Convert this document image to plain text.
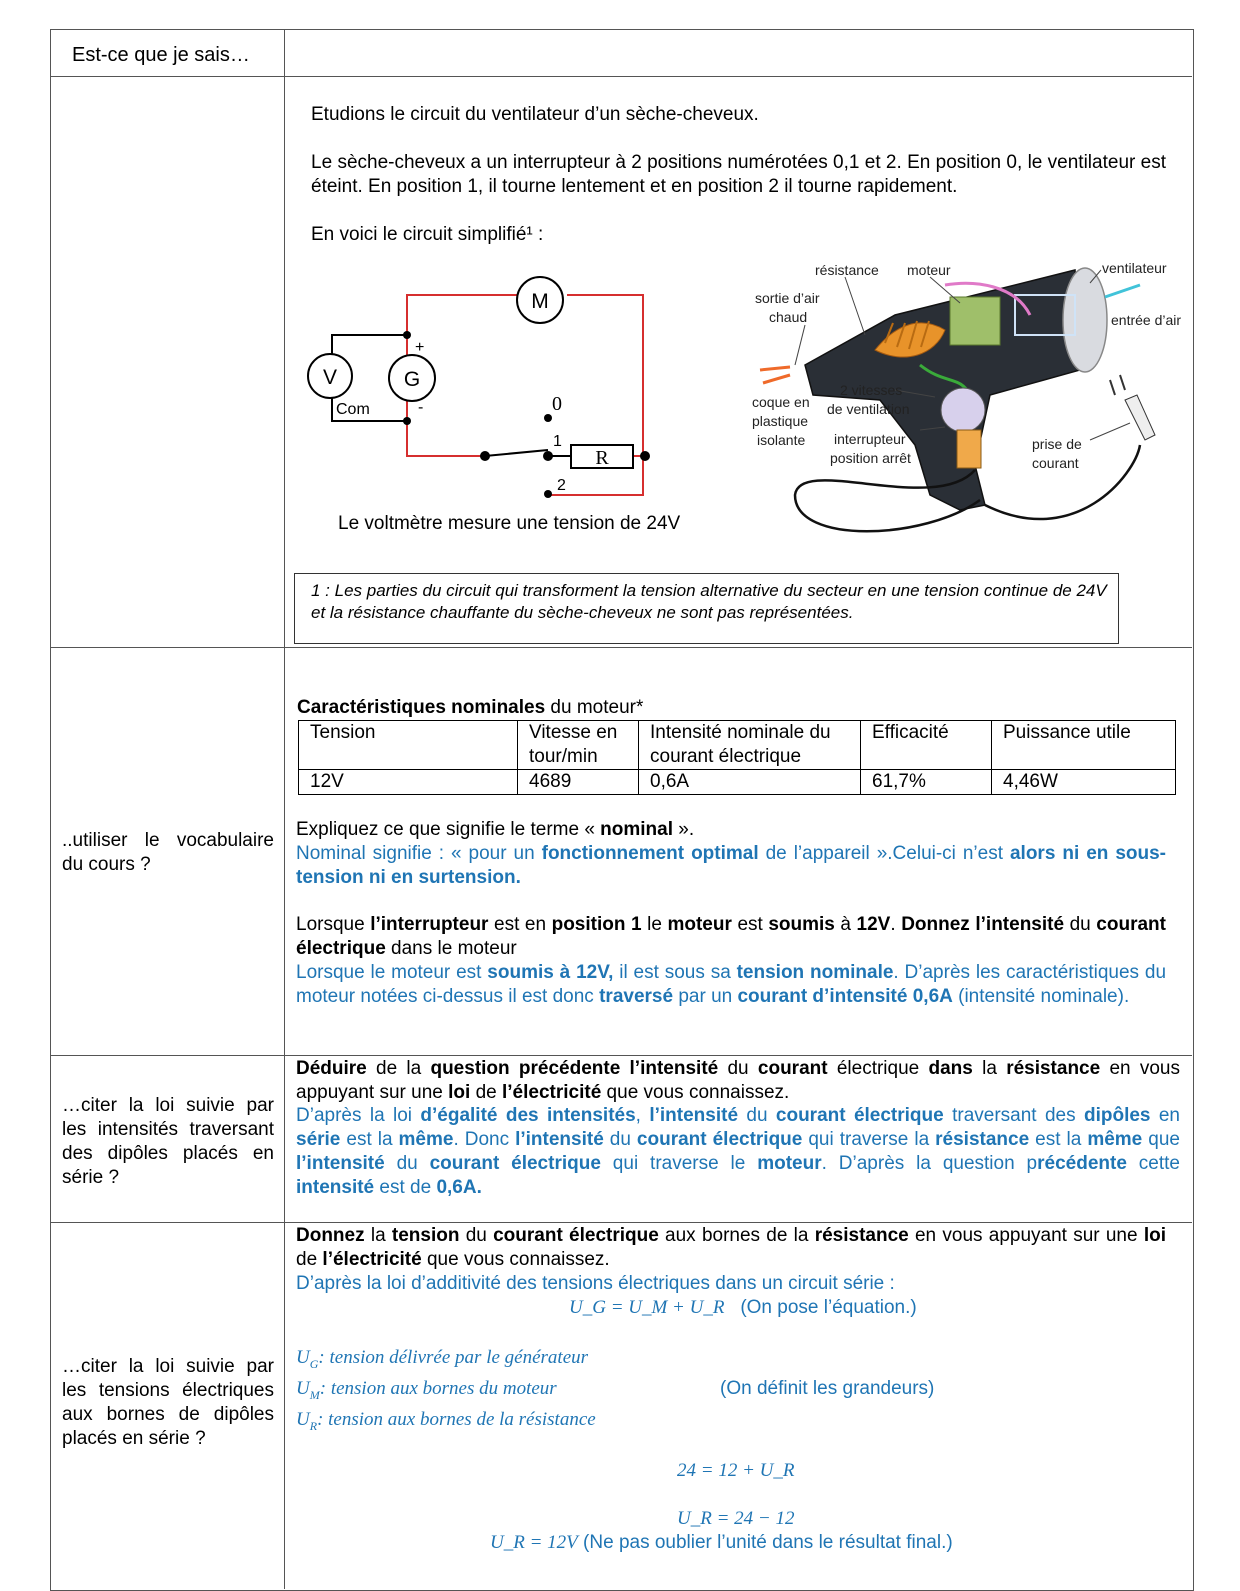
Est-ce que je sais…
Etudions le circuit du ventilateur d’un sèche-cheveux.
Le sèche-cheveux a un interrupteur à 2 positions numérotées 0,1 et 2. En position 0, le ventilateur est éteint. En position 1, il tourne lentement et en position 2 il tourne rapidement.
En voici le circuit simplifié¹ :
M
V	G
Com
+
-	0
1
2
R
Le voltmètre mesure une tension de 24V
résistance moteur	ventilateur
sortie d’air
chaud	entrée d’air
coque en
plastique
isolante
2 vitesses
de ventilation
interrupteur
position arrêt
prise de
courant
1 : Les parties du circuit qui transforment la tension alternative du secteur en une tension continue de 24V et la résistance chauffante du sèche-cheveux ne sont pas représentées.
..utiliser le vocabulaire du cours ?
Caractéristiques nominales du moteur*
Tension	Vitesse en tour/min	Intensité nominale du courant électrique	Efficacité	Puissance utile
12V	4689	0,6A	61,7%	4,46W
Expliquez ce que signifie le terme « nominal ».
Nominal signifie : « pour un fonctionnement optimal de l’appareil ».Celui-ci n’est alors ni en sous- tension ni en surtension.
Lorsque l’interrupteur est en position 1 le moteur est soumis à 12V. Donnez l’intensité du courant électrique dans le moteur
Lorsque le moteur est soumis à 12V, il est sous sa tension nominale. D’après les caractéristiques du moteur notées ci-dessus il est donc traversé par un courant d’intensité 0,6A (intensité nominale).
…citer la loi suivie par les intensités traversant des dipôles placés en série ?
Déduire de la question précédente l’intensité du courant électrique dans la résistance en vous appuyant sur une loi de l’électricité que vous connaissez.
D’après la loi d’égalité des intensités, l’intensité du courant électrique traversant des dipôles en série est la même. Donc l’intensité du courant électrique qui traverse la résistance est la même que l’intensité du courant électrique qui traverse le moteur. D’après la question précédente cette intensité est de 0,6A.
…citer la loi suivie par les tensions électriques aux bornes de dipôles placés en série ?
Donnez la tension du courant électrique aux bornes de la résistance en vous appuyant sur une loi de l’électricité que vous connaissez.
D’après la loi d’additivité des tensions électriques dans un circuit série :
U_G = U_M + U_R (On pose l’équation.)
$U_G$: tension délivrée par le générateur
$U_M$: tension aux bornes du moteur
$U_R$: tension aux bornes de la résistance
(On définit les grandeurs)
24 = 12 + U_R
U_R = 24 − 12
U_R = 12V (Ne pas oublier l’unité dans le résultat final.)
